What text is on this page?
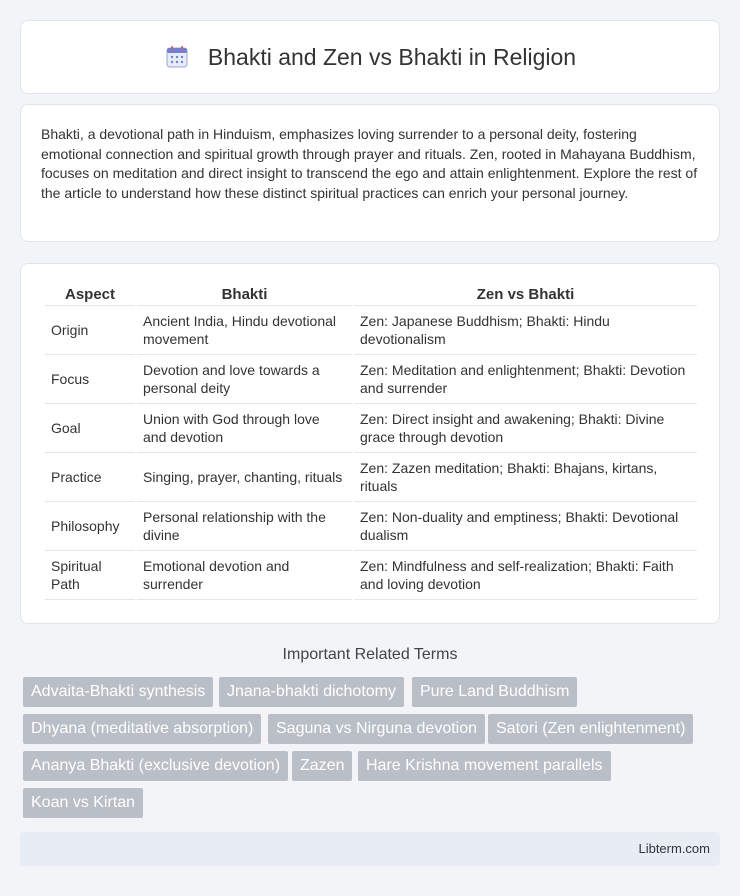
Bhakti and Zen vs Bhakti in Religion

Bhakti, a devotional path in Hinduism, emphasizes loving surrender to a personal deity, fostering emotional connection and spiritual growth through prayer and rituals. Zen, rooted in Mahayana Buddhism, focuses on meditation and direct insight to transcend the ego and attain enlightenment. Explore the rest of the article to understand how these distinct spiritual practices can enrich your personal journey.

Aspect	Bhakti	Zen vs Bhakti
Origin	Ancient India, Hindu devotional movement	Zen: Japanese Buddhism; Bhakti: Hindu devotionalism
Focus	Devotion and love towards a personal deity	Zen: Meditation and enlightenment; Bhakti: Devotion and surrender
Goal	Union with God through love and devotion	Zen: Direct insight and awakening; Bhakti: Divine grace through devotion
Practice	Singing, prayer, chanting, rituals	Zen: Zazen meditation; Bhakti: Bhajans, kirtans, rituals
Philosophy	Personal relationship with the divine	Zen: Non-duality and emptiness; Bhakti: Devotional dualism
Spiritual Path	Emotional devotion and surrender	Zen: Mindfulness and self-realization; Bhakti: Faith and loving devotion
Important Related Terms
Advaita-Bhakti synthesis	Jnana-bhakti dichotomy	Pure Land Buddhism
Dhyana (meditative absorption)	Saguna vs Nirguna devotion	Satori (Zen enlightenment)
Ananya Bhakti (exclusive devotion)	Zazen	Hare Krishna movement parallels
Koan vs Kirtan
Libterm.com
